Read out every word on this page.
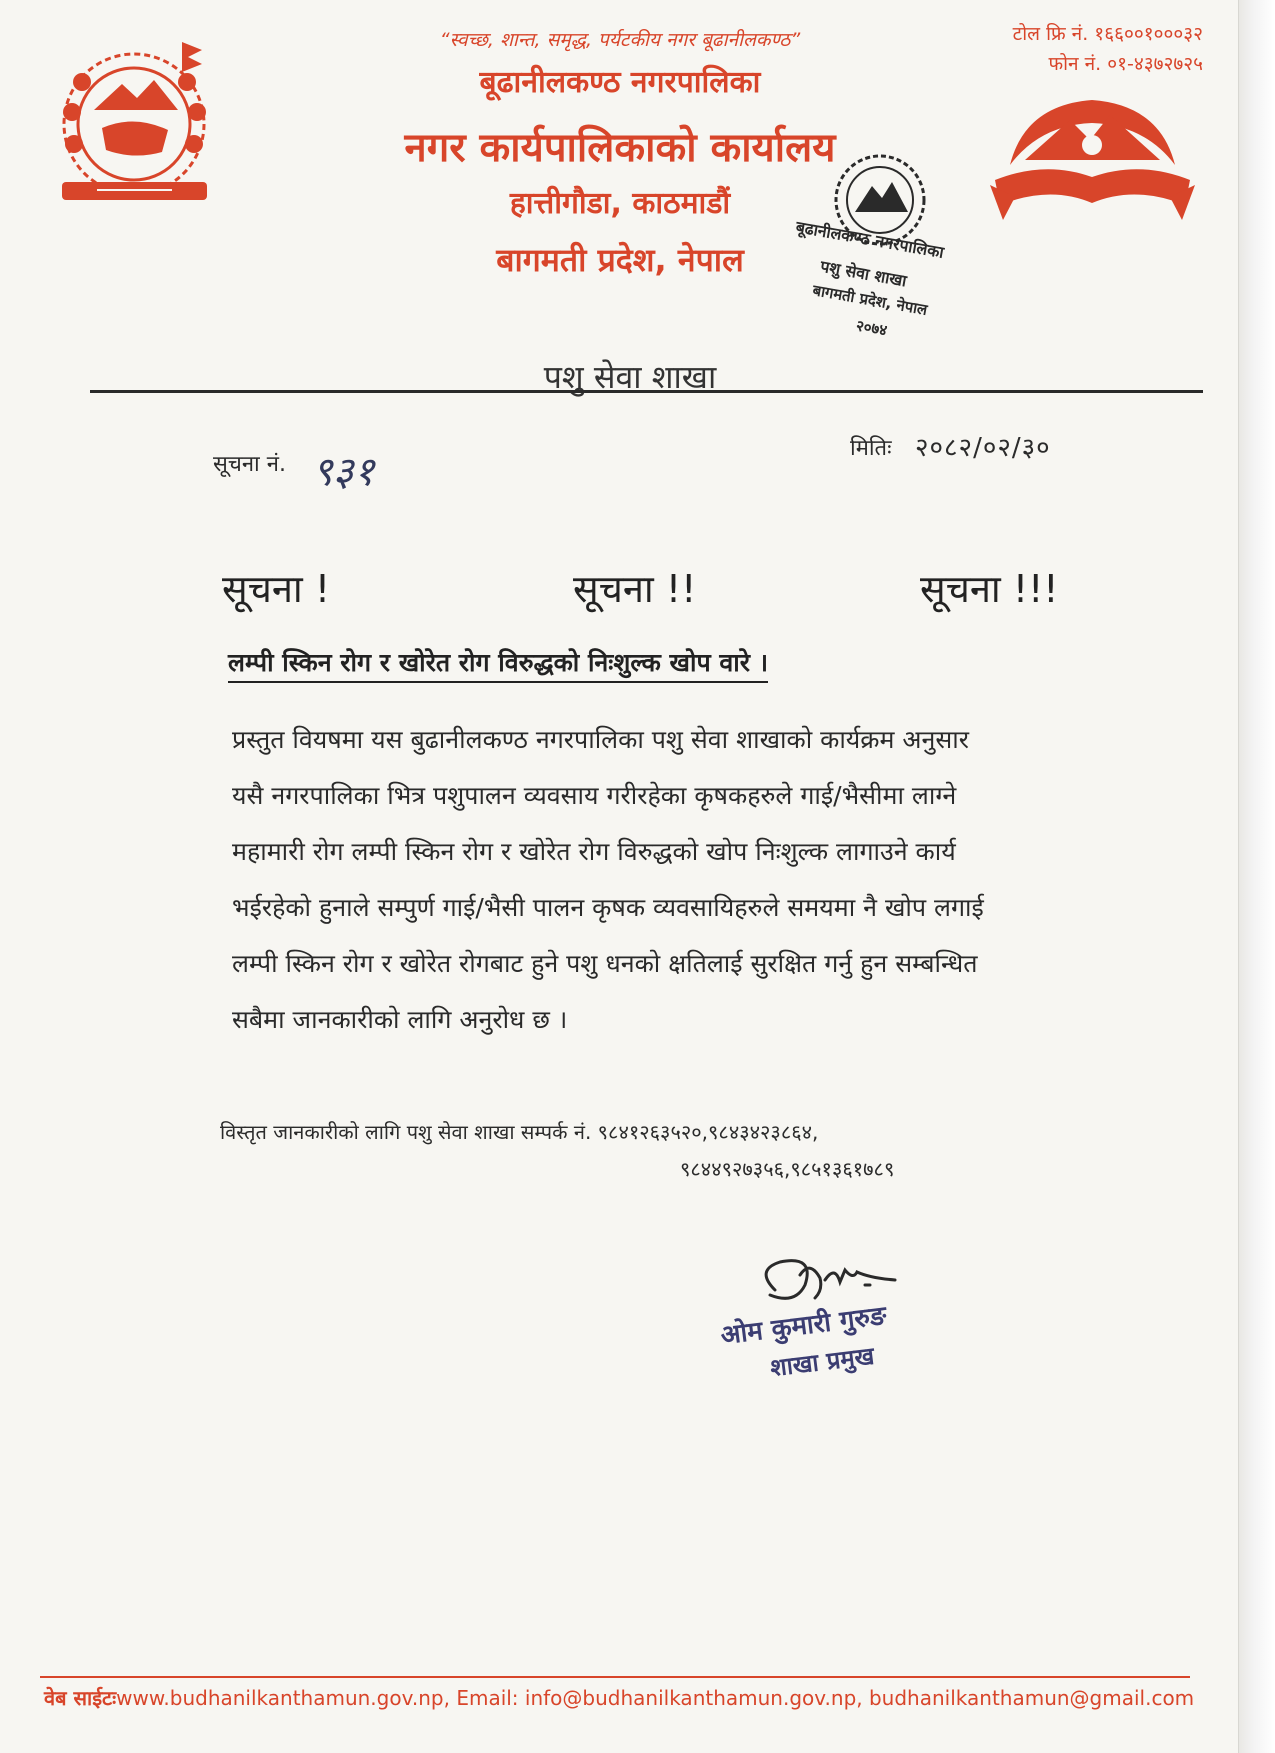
“स्वच्छ, शान्त, समृद्ध, पर्यटकीय नगर बूढानीलकण्ठ”
बूढानीलकण्ठ नगरपालिका
नगर कार्यपालिकाको कार्यालय
हात्तीगौडा, काठमाडौं
बागमती प्रदेश, नेपाल
टोल फ्रि नं. १६६००१०००३२
फोन नं. ०१-४३७२७२५
बूढानीलकण्ठ नगरपालिका
पशु सेवा शाखा
बागमती प्रदेश, नेपाल
२०७४
पशु सेवा शाखा
सूचना नं. ९३१
मितिः २०८२/०२/३०
सूचना !	सूचना !!	सूचना !!!
लम्पी स्किन रोग र खोरेत रोग विरुद्धको निःशुल्क खोप वारे ।
प्रस्तुत वियषमा यस बुढानीलकण्ठ नगरपालिका पशु सेवा शाखाको कार्यक्रम अनुसार
यसै नगरपालिका भित्र पशुपालन व्यवसाय गरीरहेका कृषकहरुले गाई/भैसीमा लाग्ने
महामारी रोग लम्पी स्किन रोग र खोरेत रोग विरुद्धको खोप निःशुल्क लागाउने कार्य
भईरहेको हुनाले सम्पुर्ण गाई/भैसी पालन कृषक व्यवसायिहरुले समयमा नै खोप लगाई
लम्पी स्किन रोग र खोरेत रोगबाट हुने पशु धनको क्षतिलाई सुरक्षित गर्नु हुन सम्बन्धित
सबैमा जानकारीको लागि अनुरोध छ ।
विस्तृत जानकारीको लागि पशु सेवा शाखा सम्पर्क नं. ९८४१२६३५२०,९८४३४२३८६४,
९८४४९२७३५६,९८५१३६१७८९
ओम कुमारी गुरुङ
शाखा प्रमुख
वेब साईटःwww.budhanilkanthamun.gov.np, Email: info@budhanilkanthamun.gov.np, budhanilkanthamun@gmail.com
